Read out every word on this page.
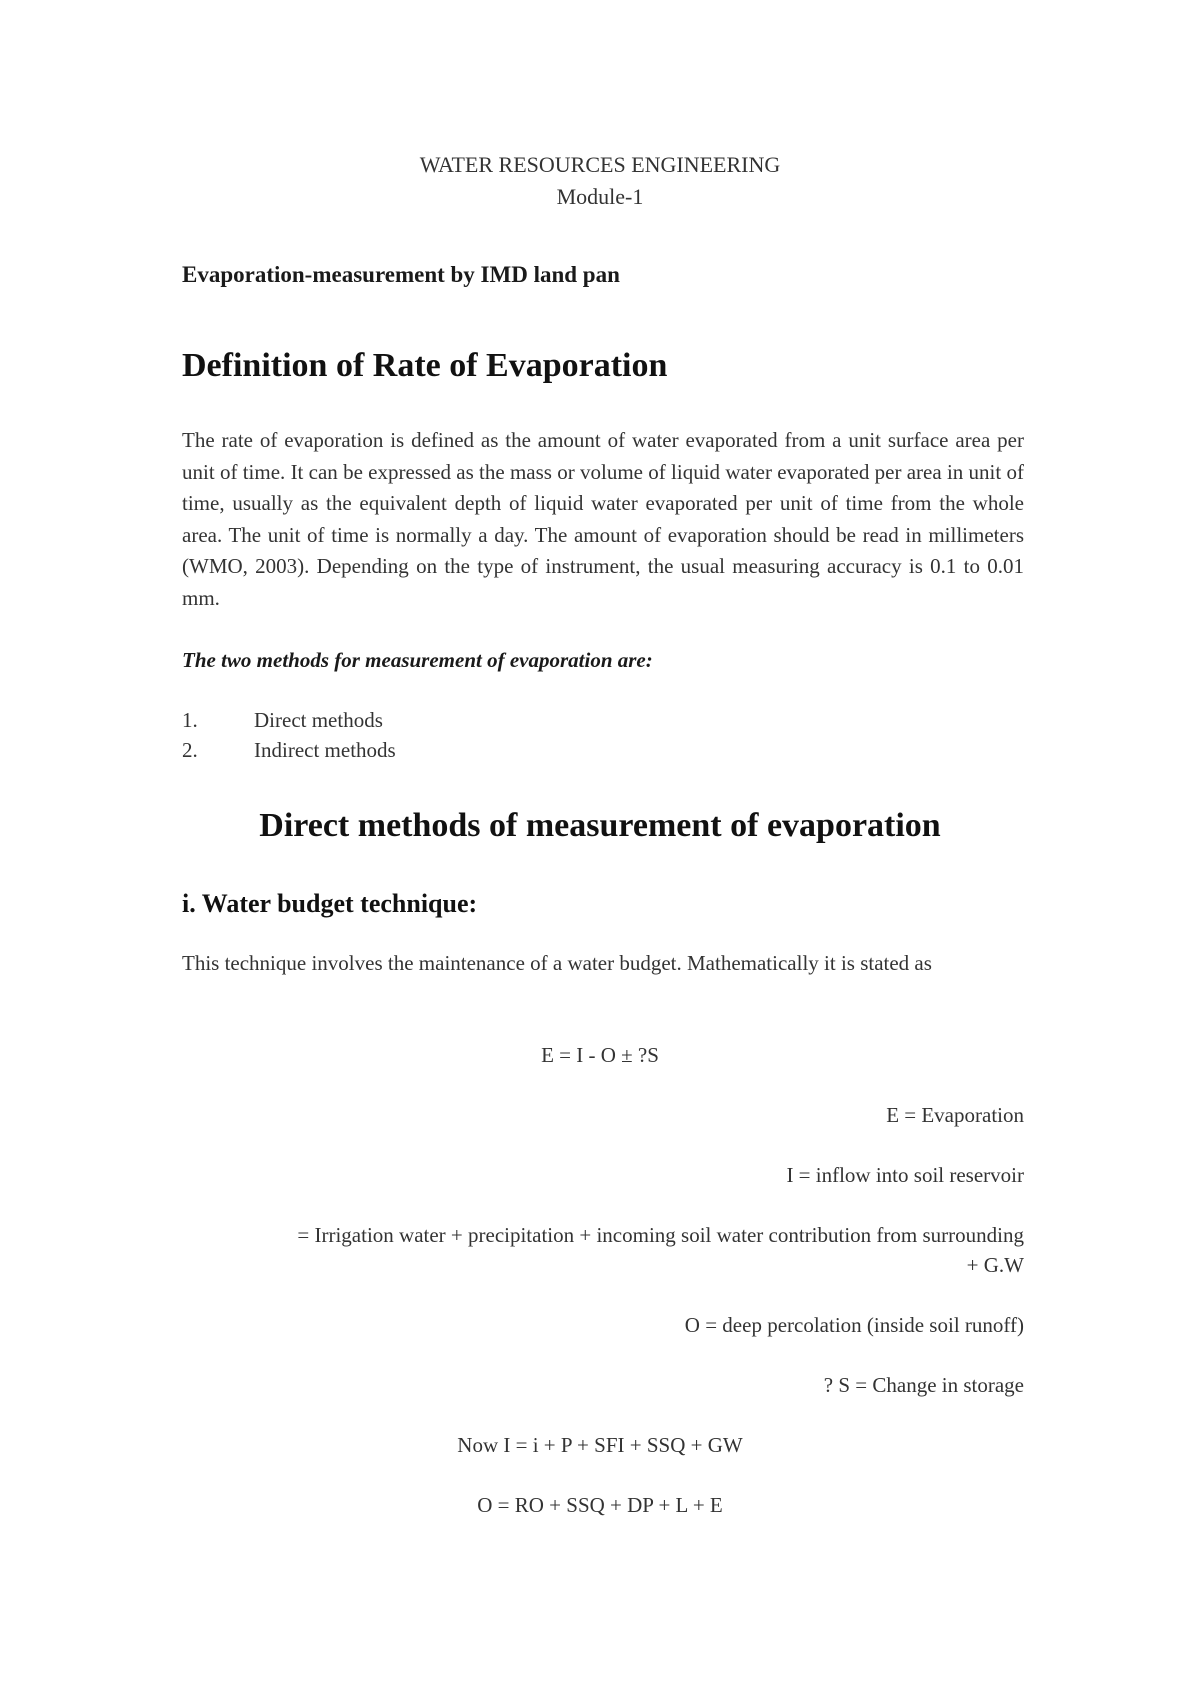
WATER RESOURCES ENGINEERING
Module-1
Evaporation-measurement by IMD land pan
Definition of Rate of Evaporation
The rate of evaporation is defined as the amount of water evaporated from a unit surface area per unit of time. It can be expressed as the mass or volume of liquid water evaporated per area in unit of time, usually as the equivalent depth of liquid water evaporated per unit of time from the whole area. The unit of time is normally a day. The amount of evaporation should be read in millimeters (WMO, 2003). Depending on the type of instrument, the usual measuring accuracy is 0.1 to 0.01 mm.
The two methods for measurement of evaporation are:
1.	Direct methods
2.	Indirect methods
Direct methods of measurement of evaporation
i. Water budget technique:
This technique involves the maintenance of a water budget. Mathematically it is stated as
E = I - O ± ?S
E = Evaporation
I = inflow into soil reservoir
= Irrigation water + precipitation + incoming soil water contribution from surrounding
+ G.W
O = deep percolation (inside soil runoff)
? S = Change in storage
Now I = i + P + SFI + SSQ + GW
O = RO + SSQ + DP + L + E
